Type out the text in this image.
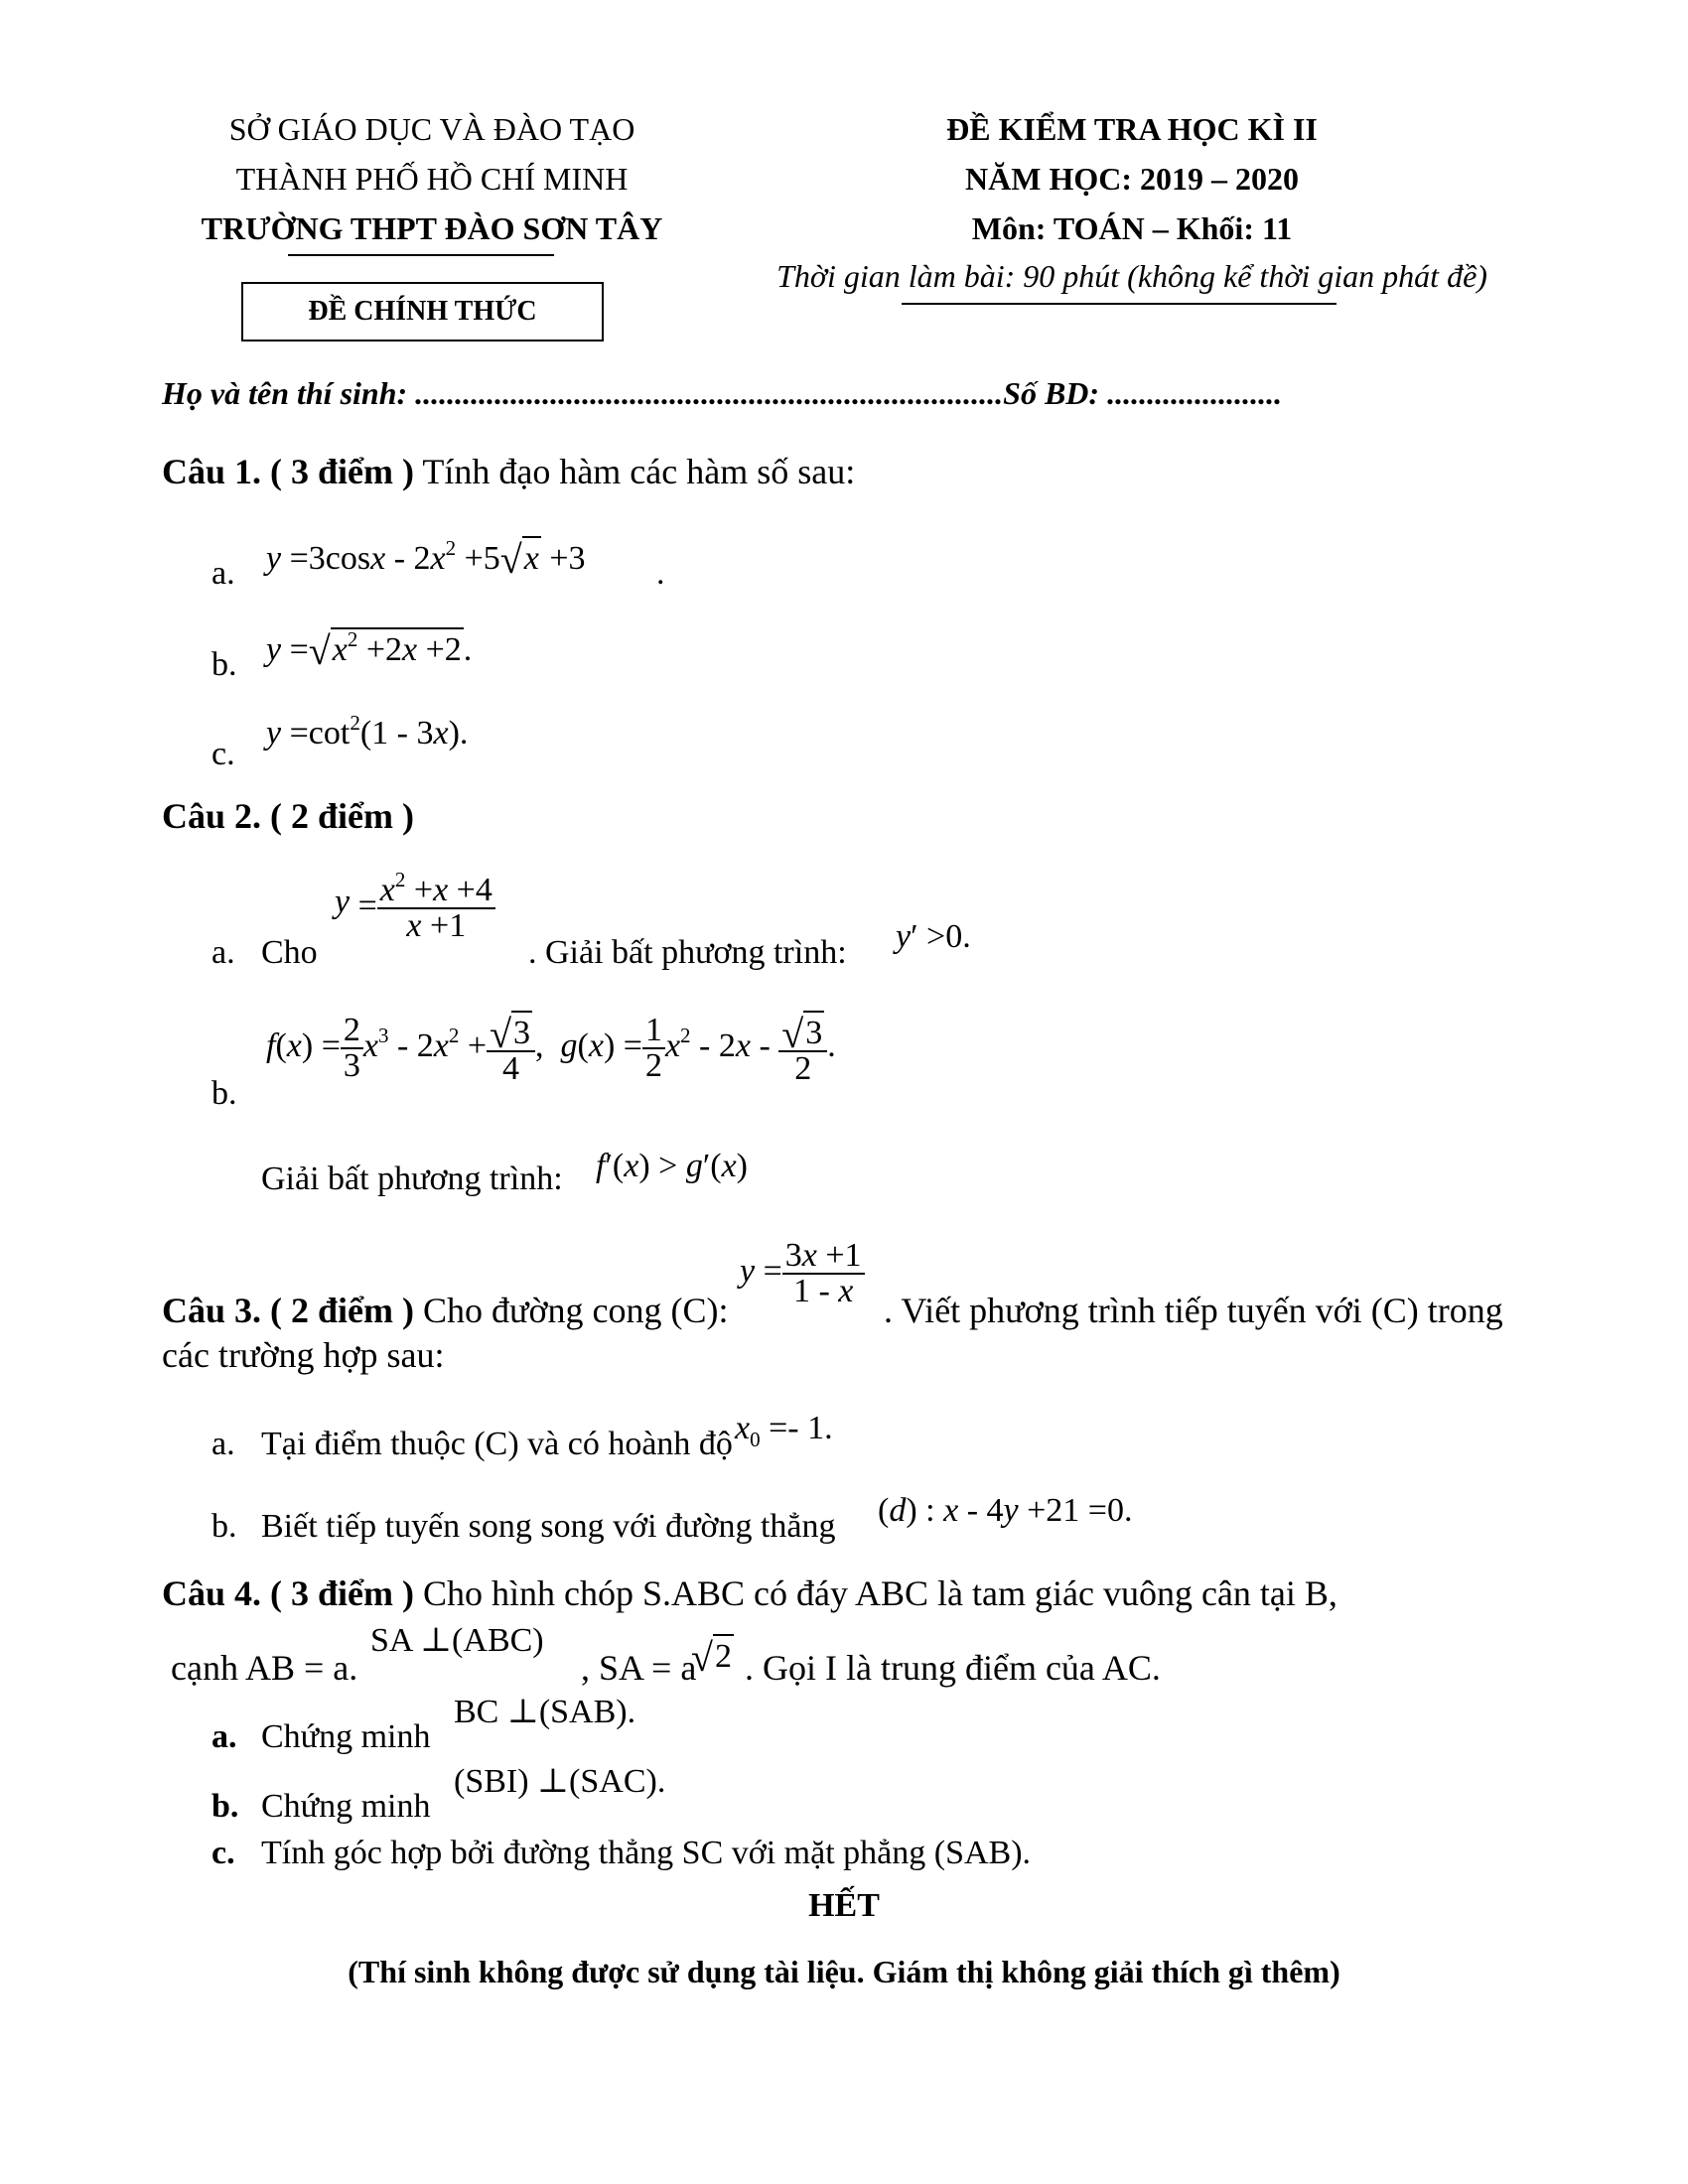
SỞ GIÁO DỤC VÀ ĐÀO TẠO
THÀNH PHỐ HỒ CHÍ MINH
TRƯỜNG THPT ĐÀO SƠN TÂY
ĐỀ CHÍNH THỨC
ĐỀ KIỂM TRA HỌC KÌ II
NĂM HỌC: 2019 – 2020
Môn: TOÁN – Khối: 11
Thời gian làm bài: 90 phút (không kể thời gian phát đề)
Họ và tên thí sinh: ..........................................................................Số BD: ......................
Câu 1. ( 3 điểm ) Tính đạo hàm các hàm số sau:
a. $y =3\cos x - 2x^2 +5√x +3$ .
b. $y =√x^2 +2x +2$.
c.
$y =\cot^2(1 - 3x)$.
Câu 2. ( 2 điểm )
a. Cho
$y = \frac{x^2 +x +4}{x +1}$
. Giải bất phương trình: y′ >0.
b.
$f(x) = \frac{2}{3} x^3 - 2x^2 + \frac{√3}{4}$ ,  $g(x) = \frac{1}{2} x^2 - 2x - \frac{√3}{2}$ .
Giải bất phương trình: f′(x) > g′(x)
Câu 3. ( 2 điểm ) Cho đường cong (C):
$y = \frac{3x +1}{1 - x}$
. Viết phương trình tiếp tuyến với (C) trong
các trường hợp sau:
a. Tại điểm thuộc (C) và có hoành độ $x_0 =- 1$.
b. Biết tiếp tuyến song song với đường thẳng (d) : x - 4y +21 =0.
Câu 4. ( 3 điểm ) Cho hình chóp S.ABC có đáy ABC là tam giác vuông cân tại B,
cạnh AB = a.
SA ⊥(ABC)
, SA = a
√2 . Gọi I là trung điểm của AC.
a. Chứng minh
BC ⊥(SAB).
b. Chứng minh
(SBI) ⊥(SAC).
c. Tính góc hợp bởi đường thẳng SC với mặt phẳng (SAB).
HẾT
(Thí sinh không được sử dụng tài liệu. Giám thị không giải thích gì thêm)
